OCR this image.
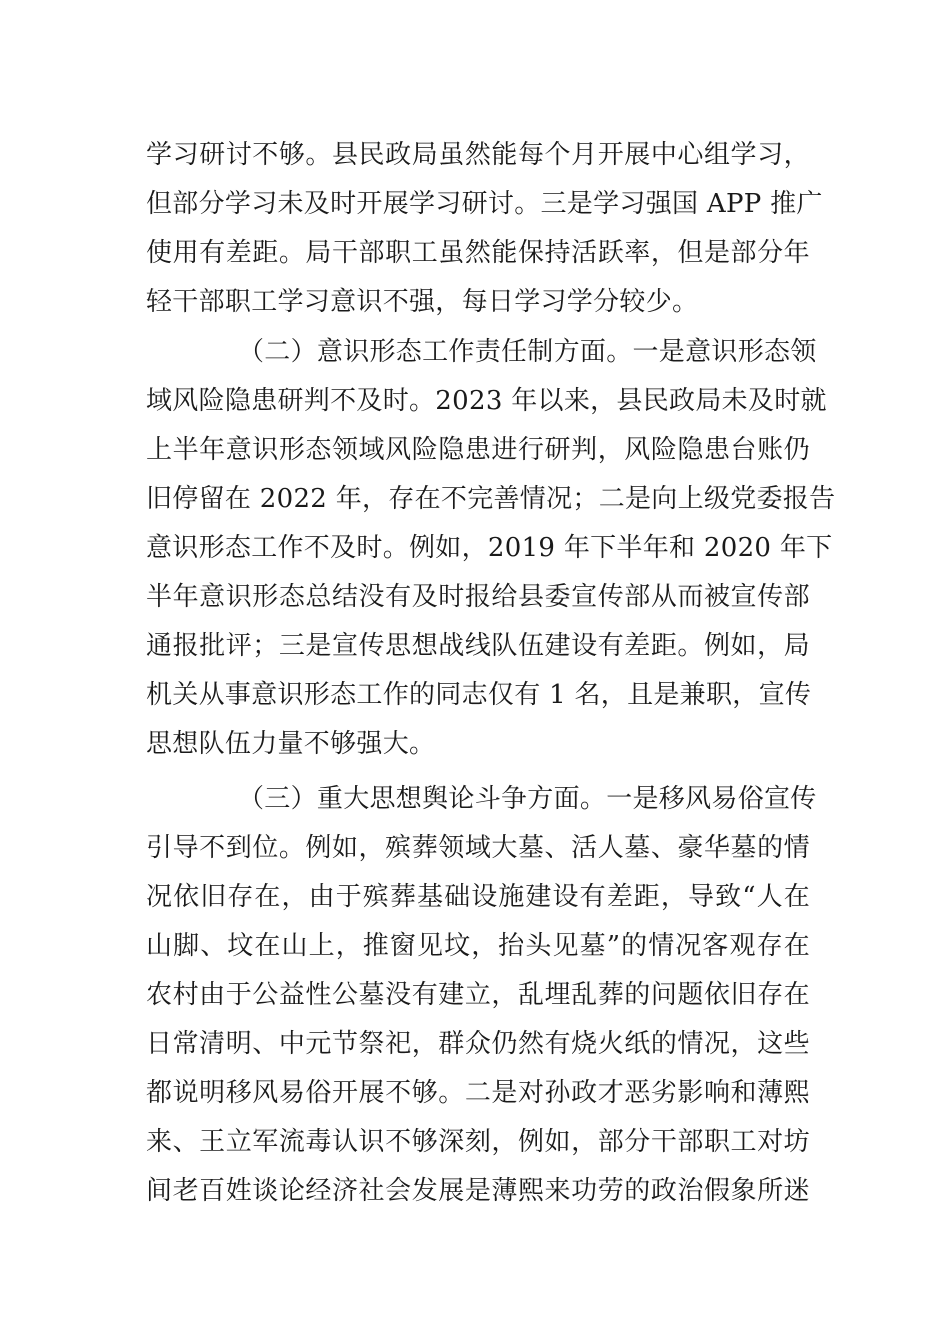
学习研讨不够。县民政局虽然能每个月开展中心组学习，
但部分学习未及时开展学习研讨。三是学习强国 APP 推广
使用有差距。局干部职工虽然能保持活跃率，但是部分年
轻干部职工学习意识不强，每日学习学分较少。
（二）意识形态工作责任制方面。一是意识形态领
域风险隐患研判不及时。2023 年以来，县民政局未及时就
上半年意识形态领域风险隐患进行研判，风险隐患台账仍
旧停留在 2022 年，存在不完善情况；二是向上级党委报告
意识形态工作不及时。例如，2019 年下半年和 2020 年下
半年意识形态总结没有及时报给县委宣传部从而被宣传部
通报批评；三是宣传思想战线队伍建设有差距。例如，局
机关从事意识形态工作的同志仅有 1 名，且是兼职，宣传
思想队伍力量不够强大。
（三）重大思想舆论斗争方面。一是移风易俗宣传
引导不到位。例如，殡葬领域大墓、活人墓、豪华墓的情
况依旧存在，由于殡葬基础设施建设有差距，导致“人在
山脚、坟在山上，推窗见坟，抬头见墓”的情况客观存在
农村由于公益性公墓没有建立，乱埋乱葬的问题依旧存在
日常清明、中元节祭祀，群众仍然有烧火纸的情况，这些
都说明移风易俗开展不够。二是对孙政才恶劣影响和薄熙
来、王立军流毒认识不够深刻，例如，部分干部职工对坊
间老百姓谈论经济社会发展是薄熙来功劳的政治假象所迷
